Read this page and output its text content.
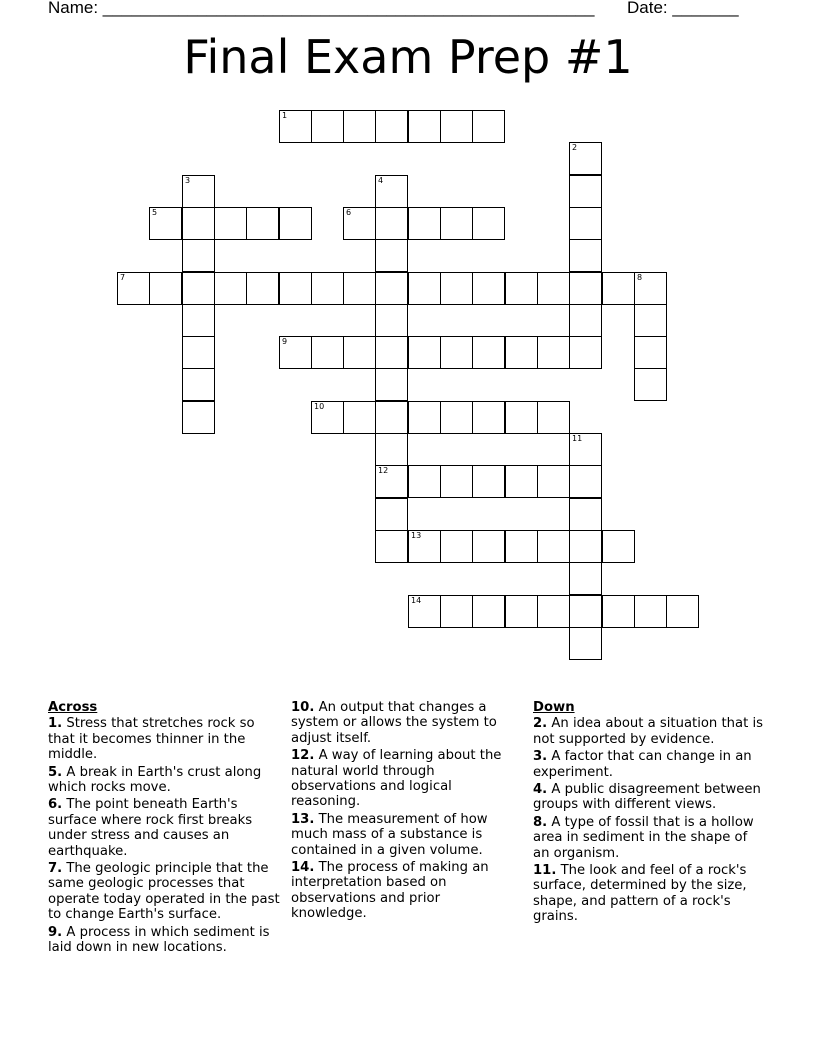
Name: ____________________________________________________ Date: _______
Final Exam Prep #1
1
2
3	4
12
5	6
7	8
9
10
11
13
14
Across
1. Stress that stretches rock so that it becomes thinner in the middle.
5. A break in Earth's crust along which rocks move.
6. The point beneath Earth's surface where rock first breaks under stress and causes an earthquake.
7. The geologic principle that the same geologic processes that operate today operated in the past to change Earth's surface.
9. A process in which sediment is laid down in new locations.
10. An output that changes a system or allows the system to adjust itself.
12. A way of learning about the natural world through observations and logical reasoning.
13. The measurement of how much mass of a substance is contained in a given volume.
14. The process of making an interpretation based on observations and prior knowledge.
Down
2. An idea about a situation that is not supported by evidence.
3. A factor that can change in an experiment.
4. A public disagreement between groups with different views.
8. A type of fossil that is a hollow area in sediment in the shape of an organism.
11. The look and feel of a rock's surface, determined by the size, shape, and pattern of a rock's grains.
